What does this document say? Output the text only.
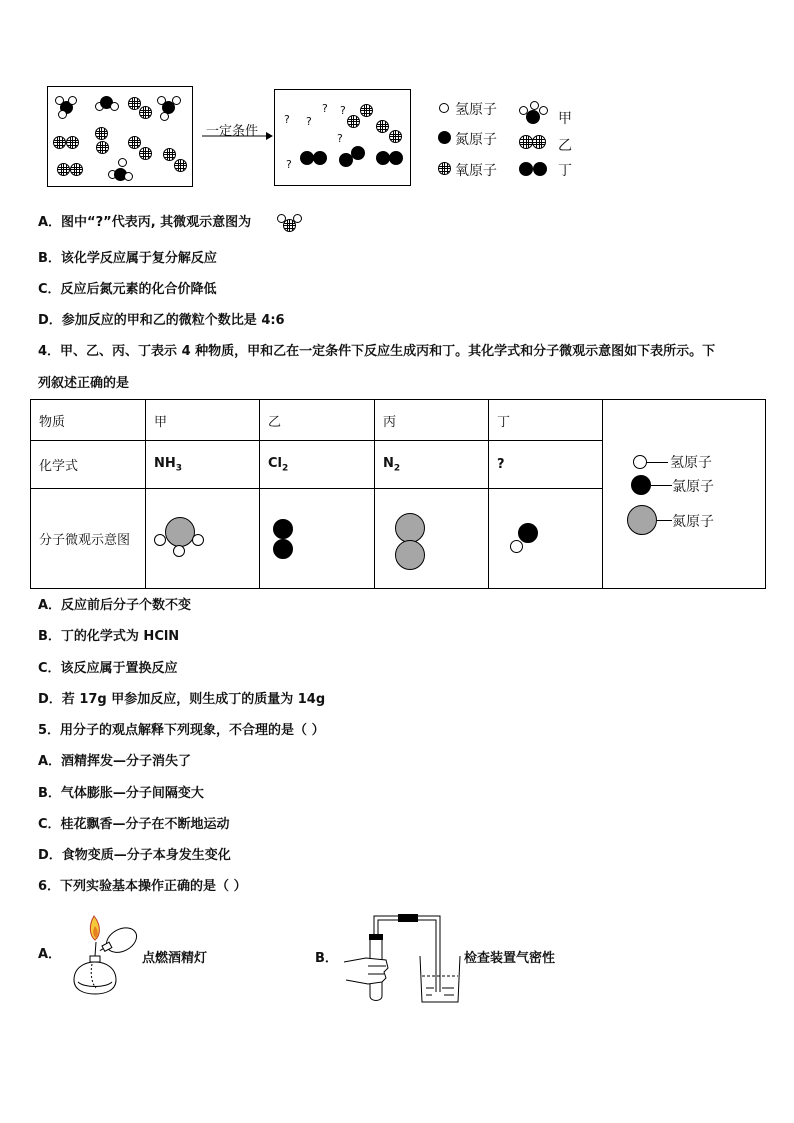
一定条件
? ?
? ?
?
?
氢原子
氮原子
氧原子
甲
乙
丁
A．图中“?”代表丙, 其微观示意图为
B．该化学反应属于复分解反应
C．反应后氮元素的化合价降低
D．参加反应的甲和乙的微粒个数比是 4:6
4．甲、乙、丙、丁表示 4 种物质，甲和乙在一定条件下反应生成丙和丁。其化学式和分子微观示意图如下表所示。下
列叙述正确的是
物质	甲	乙	丙	丁	
化学式	$NH_3$	$Cl_2$	$N_2$	?	
分子微观示意图					
氢原子
氯原子
氮原子
A．反应前后分子个数不变
B．丁的化学式为 HClN
C．该反应属于置换反应
D．若 17g 甲参加反应，则生成丁的质量为 14g
5．用分子的观点解释下列现象，不合理的是（ ）
A．酒精挥发—分子消失了
B．气体膨胀—分子间隔变大
C．桂花飘香—分子在不断地运动
D．食物变质—分子本身发生变化
6．下列实验基本操作正确的是（ ）
A．	点燃酒精灯	B．	检查装置气密性
